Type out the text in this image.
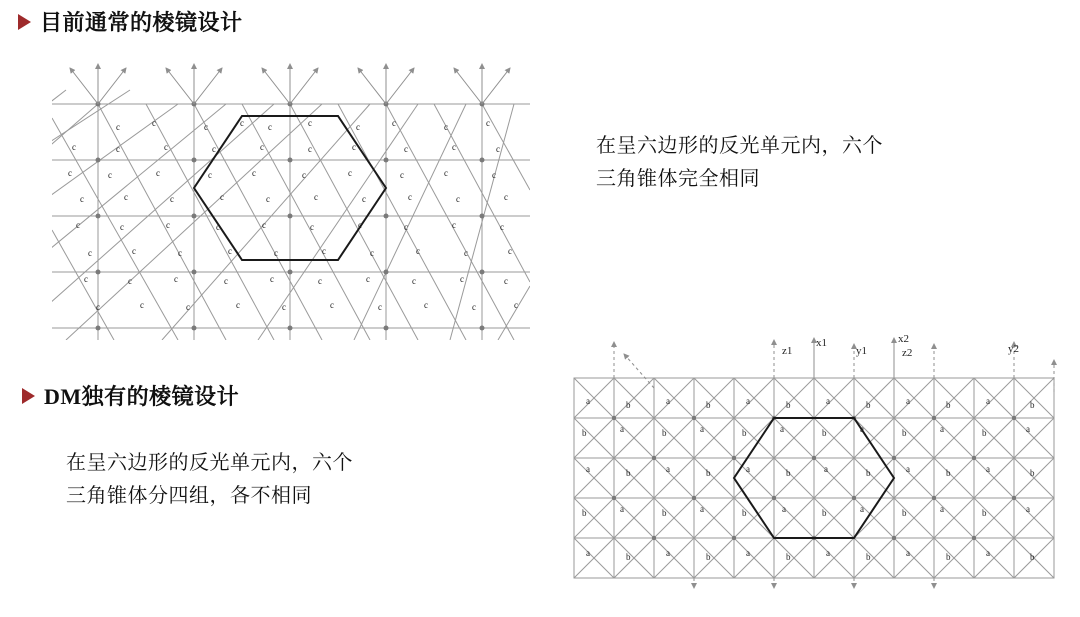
目前通常的棱镜设计
c	c	c	c	c	c	c	c	c	c
c	c	c	c	c	c	c	c	c	c
c	c	c	c	c	c	c	c	c	c
c	c	c	c	c	c	c	c	c	c
c	c	c	c	c	c	c	c	c	c
c	c	c	c	c	c	c	c	c	c
c	c	c	c	c	c	c	c	c	c
c	c	c	c	c	c	c	c	c	c
在呈六边形的反光单元内，六个
三角锥体完全相同
DM独有的棱镜设计
在呈六边形的反光单元内，六个
三角锥体分四组，各不相同
z1
x1
y1
x2
z2	y2
a	b	a	b	a	b	a	b	a	b	a	b
b	a	b	a	b	a	b	a	b	a	b	a
a	b	a	b	a	b	a	b	a	b	a	b
b	a	b	a	b	a	b	a	b	a	b	a
a	b	a	b	a	b	a	b	a	b	a	b
